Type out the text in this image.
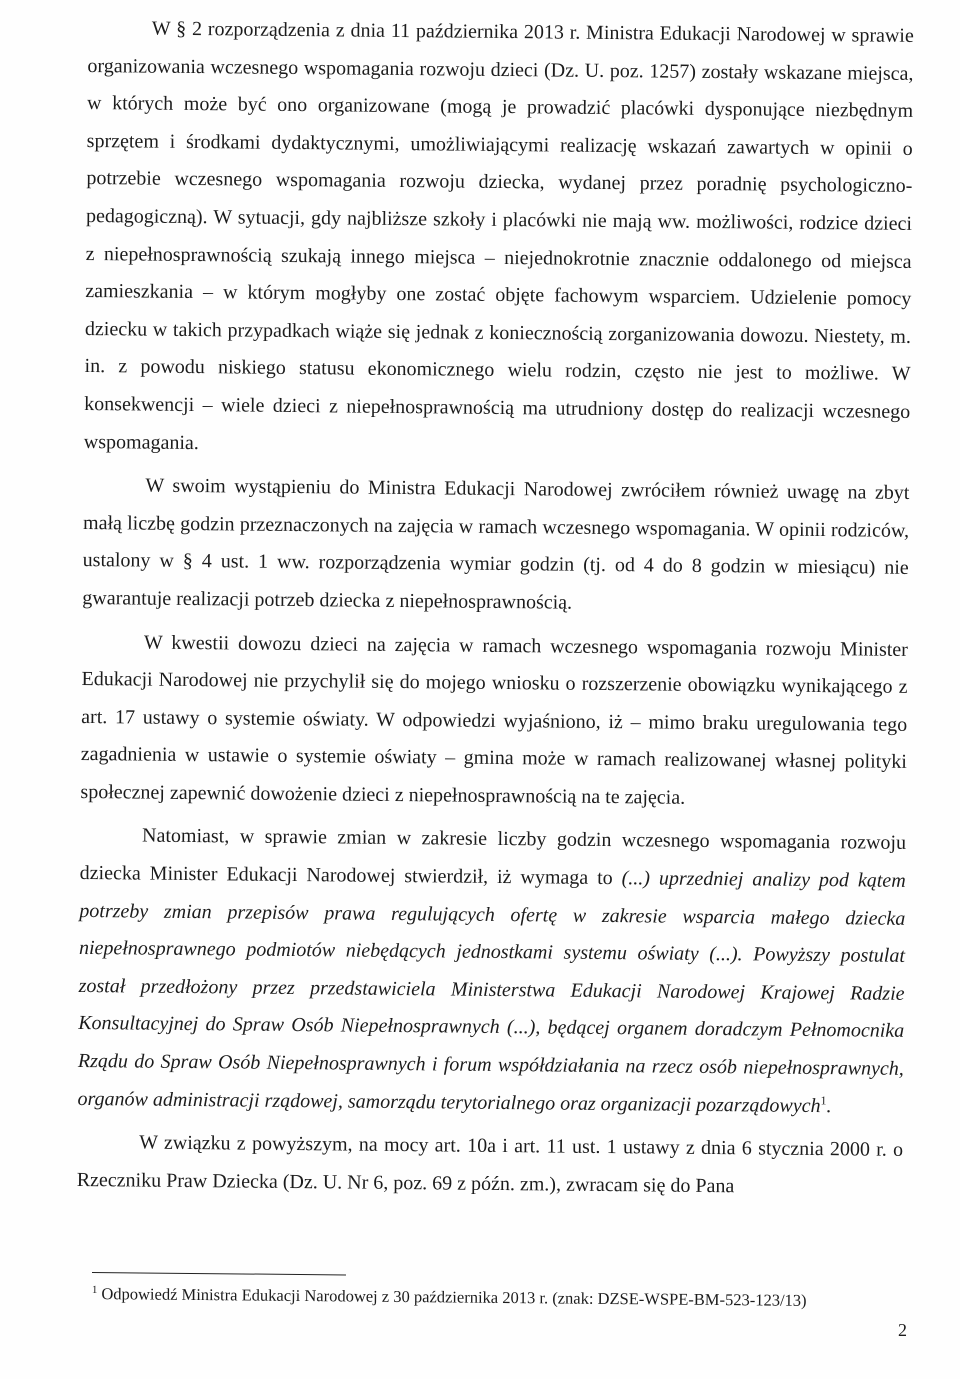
W § 2 rozporządzenia z dnia 11 października 2013 r. Ministra Edukacji Narodowej w sprawie organizowania wczesnego wspomagania rozwoju dzieci (Dz. U. poz. 1257) zostały wskazane miejsca, w których może być ono organizowane (mogą je prowadzić placówki dysponujące niezbędnym sprzętem i środkami dydaktycznymi, umożliwiającymi realizację wskazań zawartych w opinii o potrzebie wczesnego wspomagania rozwoju dziecka, wydanej przez poradnię psychologiczno-pedagogiczną). W sytuacji, gdy najbliższe szkoły i placówki nie mają ww. możliwości, rodzice dzieci z niepełnosprawnością szukają innego miejsca – niejednokrotnie znacznie oddalonego od miejsca zamieszkania – w którym mogłyby one zostać objęte fachowym wsparciem. Udzielenie pomocy dziecku w takich przypadkach wiąże się jednak z koniecznością zorganizowania dowozu. Niestety, m. in. z powodu niskiego statusu ekonomicznego wielu rodzin, często nie jest to możliwe. W konsekwencji – wiele dzieci z niepełnosprawnością ma utrudniony dostęp do realizacji wczesnego wspomagania.

W swoim wystąpieniu do Ministra Edukacji Narodowej zwróciłem również uwagę na zbyt małą liczbę godzin przeznaczonych na zajęcia w ramach wczesnego wspomagania. W opinii rodziców, ustalony w § 4 ust. 1 ww. rozporządzenia wymiar godzin (tj. od 4 do 8 godzin w miesiącu) nie gwarantuje realizacji potrzeb dziecka z niepełnosprawnością.

W kwestii dowozu dzieci na zajęcia w ramach wczesnego wspomagania rozwoju Minister Edukacji Narodowej nie przychylił się do mojego wniosku o rozszerzenie obowiązku wynikającego z art. 17 ustawy o systemie oświaty. W odpowiedzi wyjaśniono, iż – mimo braku uregulowania tego zagadnienia w ustawie o systemie oświaty – gmina może w ramach realizowanej własnej polityki społecznej zapewnić dowożenie dzieci z niepełnosprawnością na te zajęcia.

Natomiast, w sprawie zmian w zakresie liczby godzin wczesnego wspomagania rozwoju dziecka Minister Edukacji Narodowej stwierdził, iż wymaga to (...) uprzedniej analizy pod kątem potrzeby zmian przepisów prawa regulujących ofertę w zakresie wsparcia małego dziecka niepełnosprawnego podmiotów niebędących jednostkami systemu oświaty (...). Powyższy postulat został przedłożony przez przedstawiciela Ministerstwa Edukacji Narodowej Krajowej Radzie Konsultacyjnej do Spraw Osób Niepełnosprawnych (...), będącej organem doradczym Pełnomocnika Rządu do Spraw Osób Niepełnosprawnych i forum współdziałania na rzecz osób niepełnosprawnych, organów administracji rządowej, samorządu terytorialnego oraz organizacji pozarządowych$^1$.

W związku z powyższym, na mocy art. 10a i art. 11 ust. 1 ustawy z dnia 6 stycznia 2000 r. o Rzeczniku Praw Dziecka (Dz. U. Nr 6, poz. 69 z późn. zm.), zwracam się do Pana

$^1$ Odpowiedź Ministra Edukacji Narodowej z 30 października 2013 r. (znak: DZSE-WSPE-BM-523-123/13)
2
